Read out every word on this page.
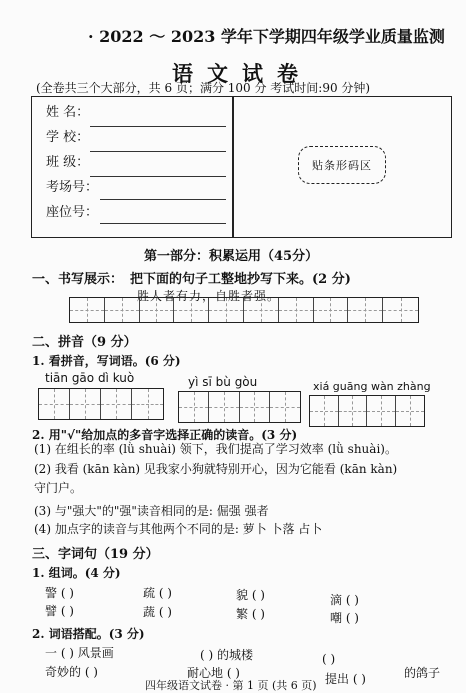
· 2022 ～ 2023 学年下学期四年级学业质量监测
语文试卷
(全卷共三个大部分，共 6 页；满分 100 分 考试时间:90 分钟)
姓 名：
学 校：
班 级：
考场号：
座位号：
贴条形码区
第一部分：积累运用（45分）
一、书写展示： 把下面的句子工整地抄写下来。(2 分)
胜人者有力，自胜者强。
二、拼音（9 分）
1. 看拼音，写词语。(6 分)
tiān gāo dì kuò	yì sī bù gòu	xiá guāng wàn zhàng
2. 用"√"给加点的多音字选择正确的读音。(3 分)
(1) 在组长的率 (lǜ shuài) 领下，我们提高了学习效率 (lǜ shuài)。
(2) 我看 (kān kàn) 见我家小狗就特别开心，因为它能看 (kān kàn)
守门户。
(3) 与"强大"的"强"读音相同的是: 倔强 强者
(4) 加点字的读音与其他两个不同的是: 萝卜 卜落 占卜
三、字词句（19 分）
1. 组词。(4 分)
警 ( )	疏 ( )	貌 ( )	滴 ( )
譬 ( )	蔬 ( )	繁 ( )	嘲 ( )
2. 词语搭配。(3 分)
一 ( ) 风景画	( ) 的城楼	( )
奇妙的 ( )	耐心地 ( )	提出 ( )	的鸽子
四年级语文试卷 · 第 1 页 (共 6 页)
